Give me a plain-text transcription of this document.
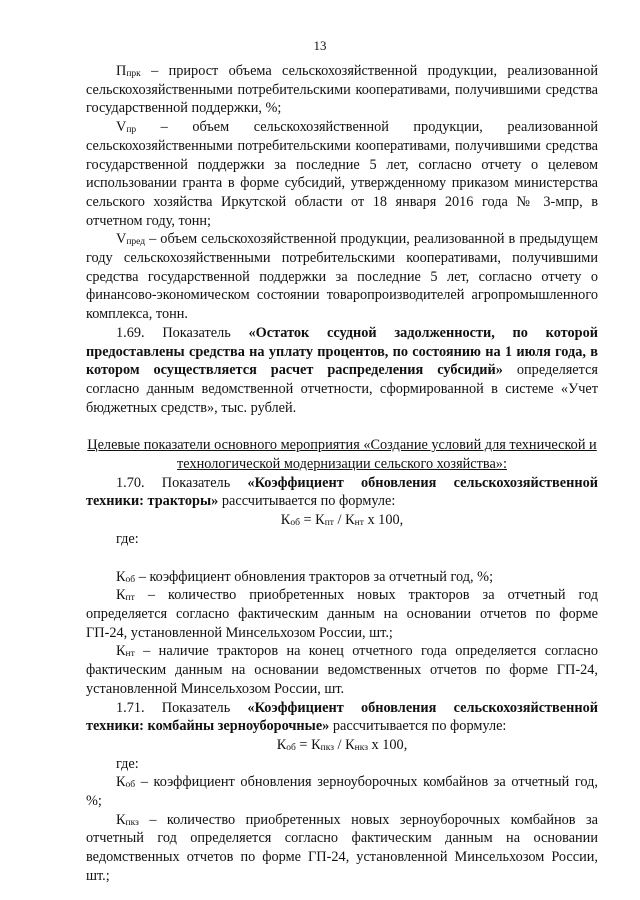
13

$П_{прк}$ – прирост объема сельскохозяйственной продукции, реализованной сельскохозяйственными потребительскими кооперативами, получившими средства государственной поддержки, %;

$V_{пр}$ – объем сельскохозяйственной продукции, реализованной сельскохозяйственными потребительскими кооперативами, получившими средства государственной поддержки за последние 5 лет, согласно отчету о целевом использовании гранта в форме субсидий, утвержденному приказом министерства сельского хозяйства Иркутской области от 18 января 2016 года № 3-мпр, в отчетном году, тонн;

$V_{пред}$ – объем сельскохозяйственной продукции, реализованной в предыдущем году сельскохозяйственными потребительскими кооперативами, получившими средства государственной поддержки за последние 5 лет, согласно отчету о финансово-экономическом состоянии товаропроизводителей агропромышленного комплекса, тонн.

1.69. Показатель «Остаток ссудной задолженности, по которой предоставлены средства на уплату процентов, по состоянию на 1 июля года, в котором осуществляется расчет распределения субсидий» определяется согласно данным ведомственной отчетности, сформированной в системе «Учет бюджетных средств», тыс. рублей.

Целевые показатели основного мероприятия «Создание условий для технической и технологической модернизации сельского хозяйства»:

1.70. Показатель «Коэффициент обновления сельскохозяйственной техники: тракторы» рассчитывается по формуле:

$К_{об} = К_{пт} / К_{нт}$ х 100,

где:

$К_{об}$ – коэффициент обновления тракторов за отчетный год, %;

$К_{пт}$ – количество приобретенных новых тракторов за отчетный год определяется согласно фактическим данным на основании отчетов по форме ГП-24, установленной Минсельхозом России, шт.;

$К_{нт}$ – наличие тракторов на конец отчетного года определяется согласно фактическим данным на основании ведомственных отчетов по форме ГП-24, установленной Минсельхозом России, шт.

1.71. Показатель «Коэффициент обновления сельскохозяйственной техники: комбайны зерноуборочные» рассчитывается по формуле:

$К_{об} = К_{пкз} / К_{нкз}$ х 100,

где:

$К_{об}$ – коэффициент обновления зерноуборочных комбайнов за отчетный год, %;

$К_{пкз}$ – количество приобретенных новых зерноуборочных комбайнов за отчетный год определяется согласно фактическим данным на основании ведомственных отчетов по форме ГП-24, установленной Минсельхозом России, шт.;
